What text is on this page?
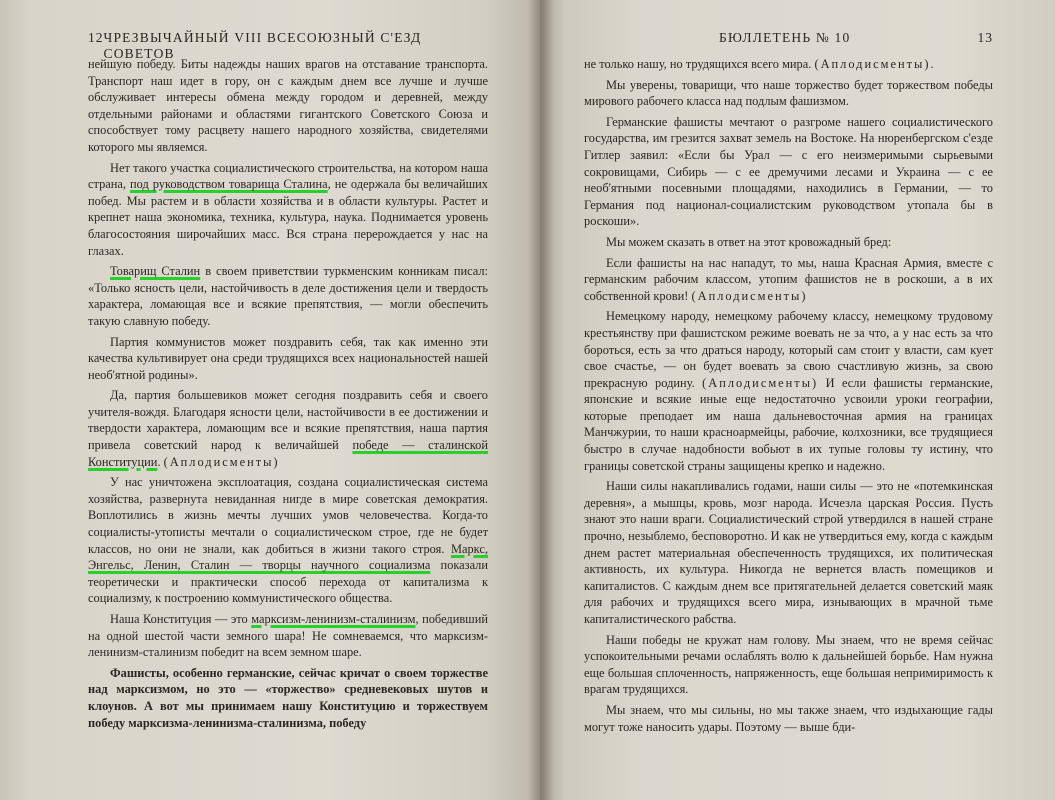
12 ЧРЕЗВЫЧАЙНЫЙ VIII ВСЕСОЮЗНЫЙ С'ЕЗД СОВЕТОВ

нейшую победу. Биты надежды наших врагов на отставание транспорта. Транспорт наш идет в гору, он с каждым днем все лучше и лучше обслуживает интересы обмена между городом и деревней, между отдельными районами и областями гигантского Советского Союза и способствует тому расцвету нашего народного хозяйства, свидетелями которого мы являемся.

Нет такого участка социалистического строительства, на котором наша страна, под руководством товарища Сталина, не одержала бы величайших побед. Мы растем и в области хозяйства и в области культуры. Растет и крепнет наша экономика, техника, культура, наука. Поднимается уровень благосостояния широчайших масс. Вся страна перерождается у нас на глазах.

Товарищ Сталин в своем приветствии туркменским конникам писал: «Только ясность цели, настойчивость в деле достижения цели и твердость характера, ломающая все и всякие препятствия, — могли обеспечить такую славную победу.

Партия коммунистов может поздравить себя, так как именно эти качества культивирует она среди трудящихся всех национальностей нашей необ'ятной родины».

Да, партия большевиков может сегодня поздравить себя и своего учителя-вождя. Благодаря ясности цели, настойчивости в ее достижении и твердости характера, ломающим все и всякие препятствия, наша партия привела советский народ к величайшей победе — сталинской Конституции. (Аплодисменты)

У нас уничтожена эксплоатация, создана социалистическая система хозяйства, развернута невиданная нигде в мире советская демократия. Воплотились в жизнь мечты лучших умов человечества. Когда-то социалисты-утописты мечтали о социалистическом строе, где не будет классов, но они не знали, как добиться в жизни такого строя. Маркс, Энгельс, Ленин, Сталин — творцы научного социализма показали теоретически и практически способ перехода от капитализма к социализму, к построению коммунистического общества.

Наша Конституция — это марксизм-ленинизм-сталинизм, победивший на одной шестой части земного шара! Не сомневаемся, что марксизм-ленинизм-сталинизм победит на всем земном шаре.

Фашисты, особенно германские, сейчас кричат о своем торжестве над марксизмом, но это — «торжество» средневековых шутов и клоунов. А вот мы принимаем нашу Конституцию и торжествуем победу марксизма-ленинизма-сталинизма, победу

БЮЛЛЕТЕНЬ № 10	13

не только нашу, но трудящихся всего мира. (Аплодисменты).

Мы уверены, товарищи, что наше торжество будет торжеством победы мирового рабочего класса над подлым фашизмом.

Германские фашисты мечтают о разгроме нашего социалистического государства, им грезится захват земель на Востоке. На нюренбергском с'езде Гитлер заявил: «Если бы Урал — с его неизмеримыми сырьевыми сокровищами, Сибирь — с ее дремучими лесами и Украина — с ее необ'ятными посевными площадями, находились в Германии, — то Германия под национал-социалистским руководством утопала бы в роскоши».

Мы можем сказать в ответ на этот кровожадный бред:

Если фашисты на нас нападут, то мы, наша Красная Армия, вместе с германским рабочим классом, утопим фашистов не в роскоши, а в их собственной крови! (Аплодисменты)

Немецкому народу, немецкому рабочему классу, немецкому трудовому крестьянству при фашистском режиме воевать не за что, а у нас есть за что бороться, есть за что драться народу, который сам стоит у власти, сам кует свое счастье, — он будет воевать за свою счастливую жизнь, за свою прекрасную родину. (Аплодисменты) И если фашисты германские, японские и всякие иные еще недостаточно усвоили уроки географии, которые преподает им наша дальневосточная армия на границах Манчжурии, то наши красноармейцы, рабочие, колхозники, все трудящиеся быстро в случае надобности вобьют в их тупые головы ту истину, что границы советской страны защищены крепко и надежно.

Наши силы накапливались годами, наши силы — это не «потемкинская деревня», а мышцы, кровь, мозг народа. Исчезла царская Россия. Пусть знают это наши враги. Социалистический строй утвердился в нашей стране прочно, незыблемо, бесповоротно. И как не утвердиться ему, когда с каждым днем растет материальная обеспеченность трудящихся, их политическая активность, их культура. Никогда не вернется власть помещиков и капиталистов. С каждым днем все притягательней делается советский маяк для рабочих и трудящихся всего мира, изнывающих в мрачной тьме капиталистического рабства.

Наши победы не кружат нам голову. Мы знаем, что не время сейчас успокоительными речами ослаблять волю к дальнейшей борьбе. Нам нужна еще большая сплоченность, напряженность, еще большая непримиримость к врагам трудящихся.

Мы знаем, что мы сильны, но мы также знаем, что издыхающие гады могут тоже наносить удары. Поэтому — выше бди-
